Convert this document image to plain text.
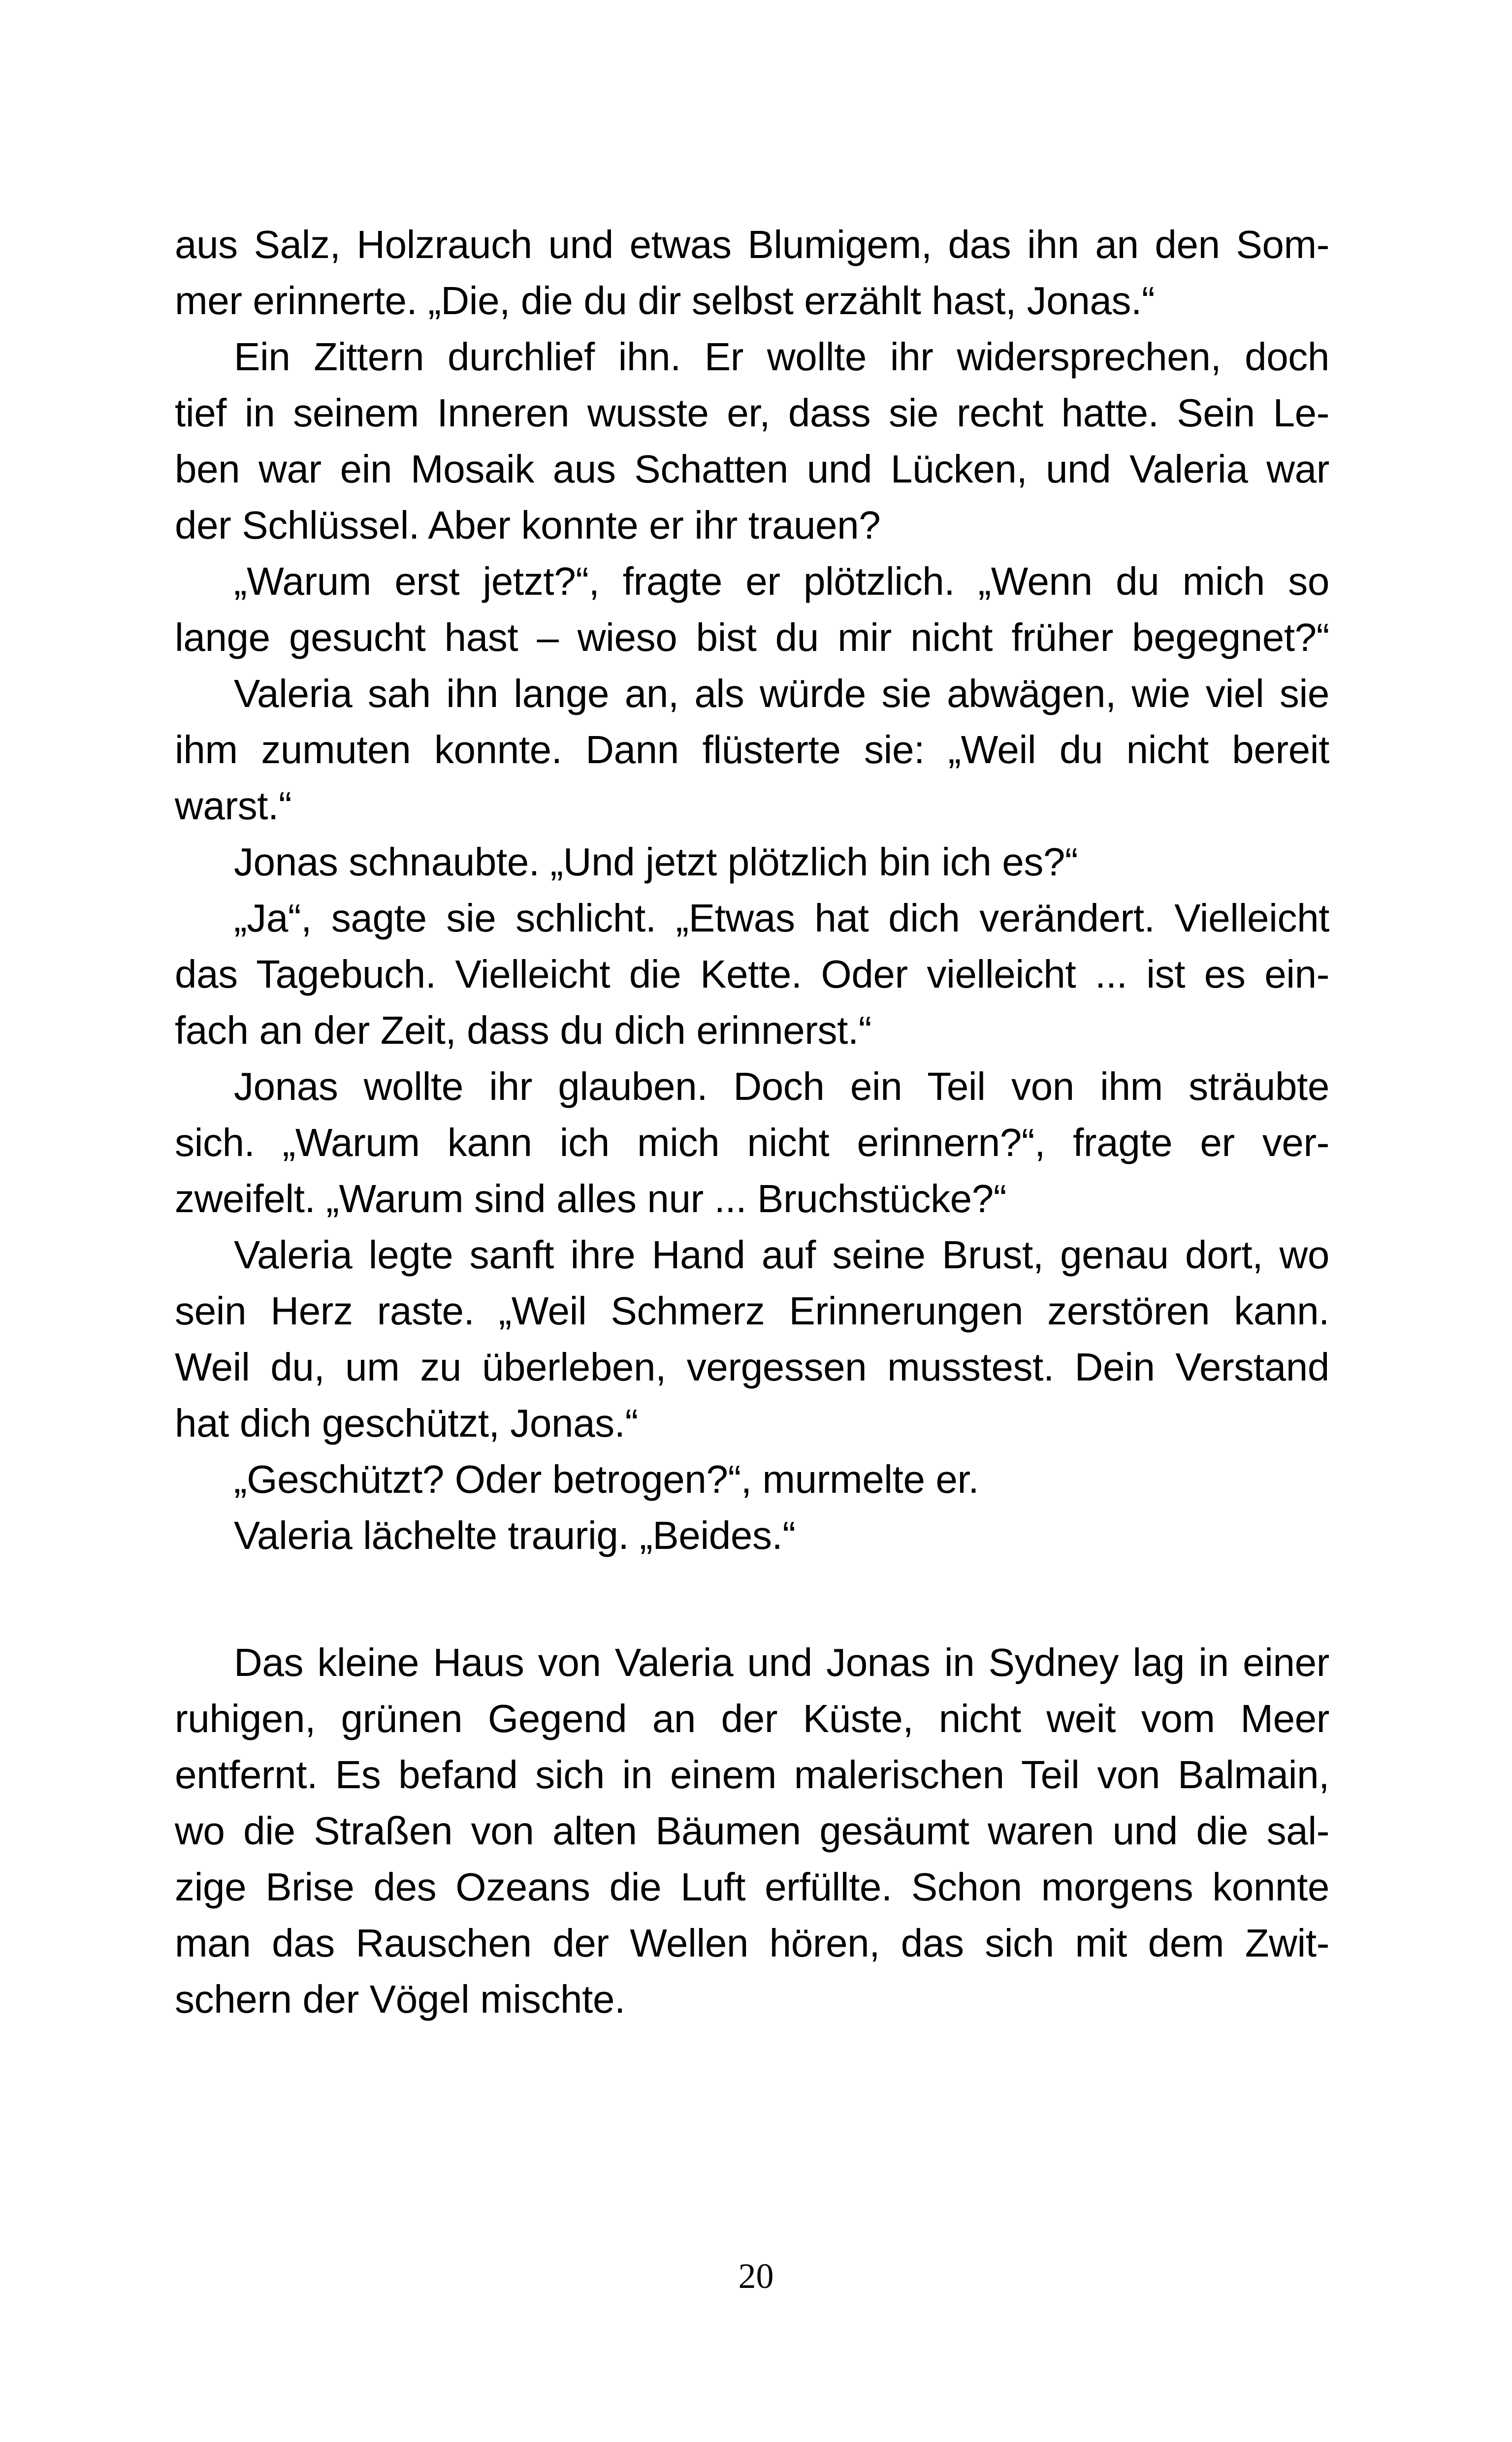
aus Salz, Holzrauch und etwas Blumigem, das ihn an den Som-
mer erinnerte. „Die, die du dir selbst erzählt hast, Jonas.“
Ein Zittern durchlief ihn. Er wollte ihr widersprechen, doch
tief in seinem Inneren wusste er, dass sie recht hatte. Sein Le-
ben war ein Mosaik aus Schatten und Lücken, und Valeria war
der Schlüssel. Aber konnte er ihr trauen?
„Warum erst jetzt?“, fragte er plötzlich. „Wenn du mich so
lange gesucht hast – wieso bist du mir nicht früher begegnet?“
Valeria sah ihn lange an, als würde sie abwägen, wie viel sie
ihm zumuten konnte. Dann flüsterte sie: „Weil du nicht bereit
warst.“
Jonas schnaubte. „Und jetzt plötzlich bin ich es?“
„Ja“, sagte sie schlicht. „Etwas hat dich verändert. Vielleicht
das Tagebuch. Vielleicht die Kette. Oder vielleicht ... ist es ein-
fach an der Zeit, dass du dich erinnerst.“
Jonas wollte ihr glauben. Doch ein Teil von ihm sträubte
sich. „Warum kann ich mich nicht erinnern?“, fragte er ver-
zweifelt. „Warum sind alles nur ... Bruchstücke?“
Valeria legte sanft ihre Hand auf seine Brust, genau dort, wo
sein Herz raste. „Weil Schmerz Erinnerungen zerstören kann.
Weil du, um zu überleben, vergessen musstest. Dein Verstand
hat dich geschützt, Jonas.“
„Geschützt? Oder betrogen?“, murmelte er.
Valeria lächelte traurig. „Beides.“
Das kleine Haus von Valeria und Jonas in Sydney lag in einer
ruhigen, grünen Gegend an der Küste, nicht weit vom Meer
entfernt. Es befand sich in einem malerischen Teil von Balmain,
wo die Straßen von alten Bäumen gesäumt waren und die sal-
zige Brise des Ozeans die Luft erfüllte. Schon morgens konnte
man das Rauschen der Wellen hören, das sich mit dem Zwit-
schern der Vögel mischte.
20
